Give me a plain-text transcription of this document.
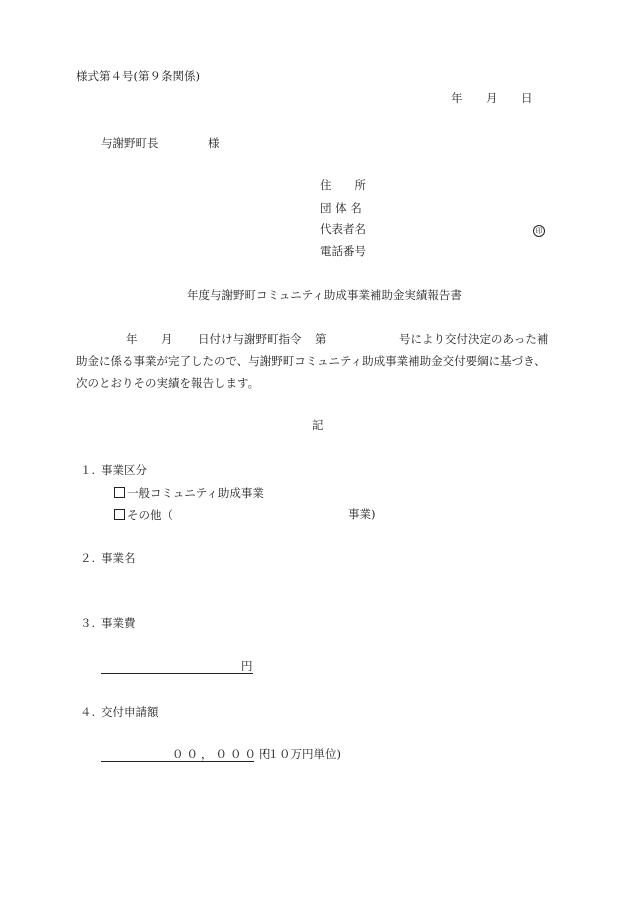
様式第４号(第９条関係)
年 月 日
与謝野町長	様
住　　所
団 体 名
代表者名	印
電話番号
年度与謝野町コミュニティ助成事業補助金実績報告書
年 月 日付け与謝野町指令 第	号により交付決定のあった補
助金に係る事業が完了したので、与謝野町コミュニティ助成事業補助金交付要綱に基づき、
次のとおりその実績を報告します。
記
１. 事業区分
一般コミュニティ助成事業
その他（	事業)
２. 事業名
３. 事業費
円
４. 交付申請額
００，０００円
（１０万円単位)
